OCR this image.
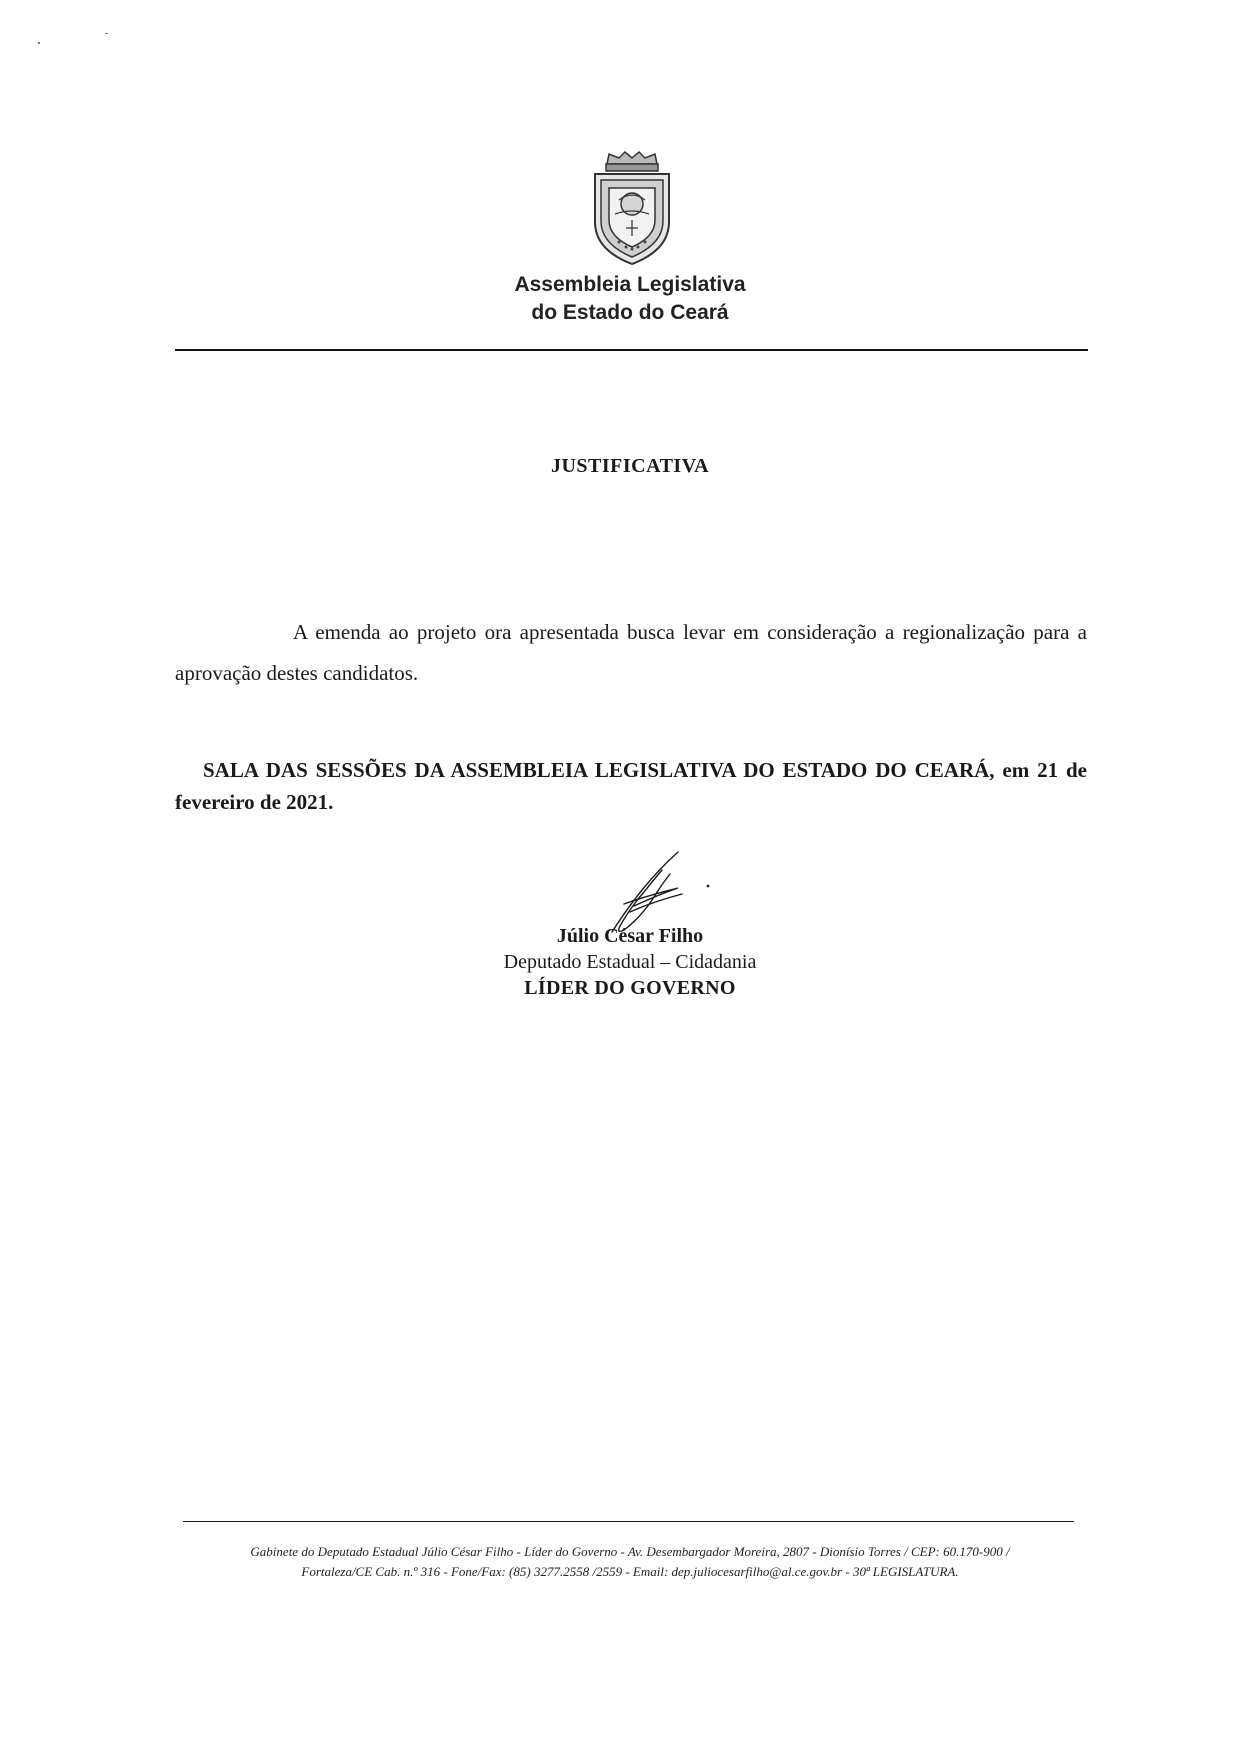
Assembleia Legislativa
do Estado do Ceará
JUSTIFICATIVA
A emenda ao projeto ora apresentada busca levar em consideração a regionalização para a aprovação destes candidatos.
SALA DAS SESSÕES DA ASSEMBLEIA LEGISLATIVA DO ESTADO DO CEARÁ, em 21 de fevereiro de 2021.
Júlio César Filho
Deputado Estadual – Cidadania
LÍDER DO GOVERNO
Gabinete do Deputado Estadual Júlio César Filho - Líder do Governo - Av. Desembargador Moreira, 2807 - Dionísio Torres / CEP: 60.170-900 /
Fortaleza/CE Cab. n.º 316 - Fone/Fax: (85) 3277.2558 /2559 - Email: dep.juliocesarfilho@al.ce.gov.br - 30ª LEGISLATURA.
